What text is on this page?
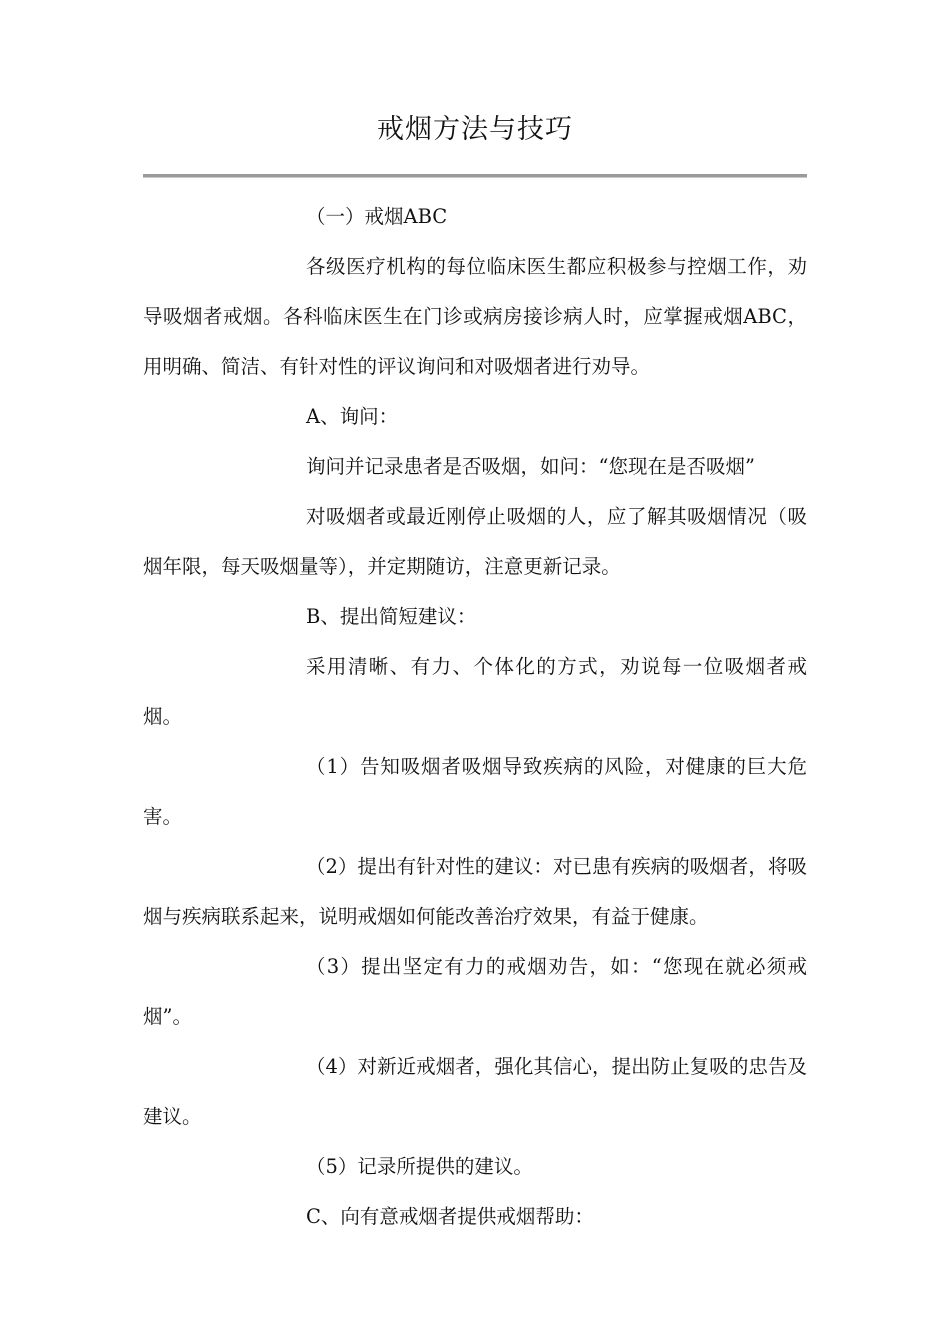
戒烟方法与技巧

（一）戒烟ABC

各级医疗机构的每位临床医生都应积极参与控烟工作，劝导吸烟者戒烟。各科临床医生在门诊或病房接诊病人时，应掌握戒烟ABC，用明确、简洁、有针对性的评议询问和对吸烟者进行劝导。

A、询问：

询问并记录患者是否吸烟，如问：“您现在是否吸烟”

对吸烟者或最近刚停止吸烟的人，应了解其吸烟情况（吸烟年限，每天吸烟量等），并定期随访，注意更新记录。

B、提出简短建议：

采用清晰、有力、个体化的方式，劝说每一位吸烟者戒烟。

（1）告知吸烟者吸烟导致疾病的风险，对健康的巨大危害。

（2）提出有针对性的建议：对已患有疾病的吸烟者，将吸烟与疾病联系起来，说明戒烟如何能改善治疗效果，有益于健康。

（3）提出坚定有力的戒烟劝告，如：“您现在就必须戒烟”。

（4）对新近戒烟者，强化其信心，提出防止复吸的忠告及建议。

（5）记录所提供的建议。

C、向有意戒烟者提供戒烟帮助：
